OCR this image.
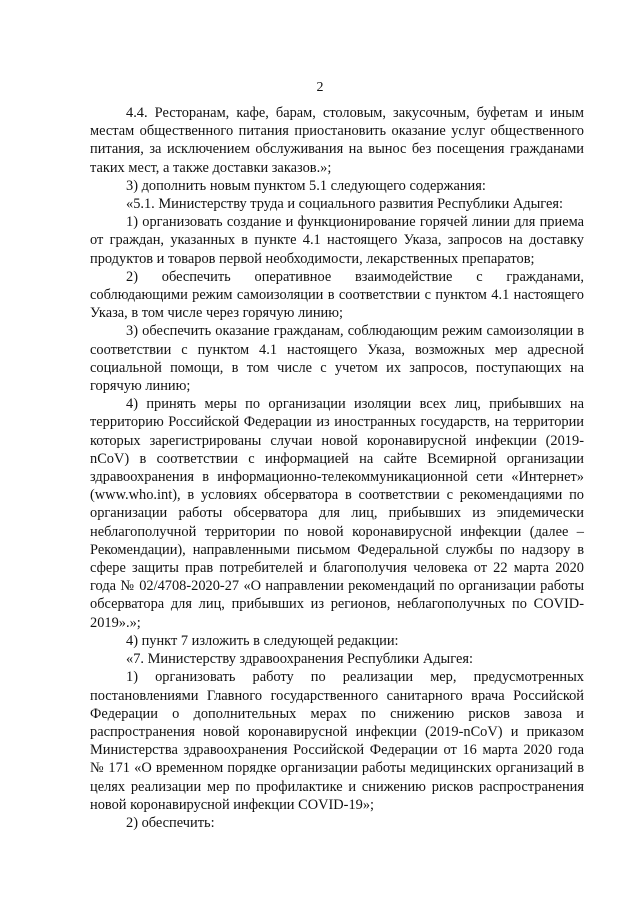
2

4.4. Ресторанам, кафе, барам, столовым, закусочным, буфетам и иным местам общественного питания приостановить оказание услуг общественного питания, за исключением обслуживания на вынос без посещения гражданами таких мест, а также доставки заказов.»;

3) дополнить новым пунктом 5.1 следующего содержания:

«5.1. Министерству труда и социального развития Республики Адыгея:

1) организовать создание и функционирование горячей линии для приема от граждан, указанных в пункте 4.1 настоящего Указа, запросов на доставку продуктов и товаров первой необходимости, лекарственных препаратов;

2) обеспечить оперативное взаимодействие с гражданами, соблюдающими режим самоизоляции в соответствии с пунктом 4.1 настоящего Указа, в том числе через горячую линию;

3) обеспечить оказание гражданам, соблюдающим режим самоизоляции в соответствии с пунктом 4.1 настоящего Указа, возможных мер адресной социальной помощи, в том числе с учетом их запросов, поступающих на горячую линию;

4) принять меры по организации изоляции всех лиц, прибывших на территорию Российской Федерации из иностранных государств, на территории которых зарегистрированы случаи новой коронавирусной инфекции (2019-nCoV) в соответствии с информацией на сайте Всемирной организации здравоохранения в информационно-телекоммуникационной сети «Интернет» (www.who.int), в условиях обсерватора в соответствии с рекомендациями по организации работы обсерватора для лиц, прибывших из эпидемически неблагополучной территории по новой коронавирусной инфекции (далее – Рекомендации), направленными письмом Федеральной службы по надзору в сфере защиты прав потребителей и благополучия человека от 22 марта 2020 года № 02/4708-2020-27 «О направлении рекомендаций по организации работы обсерватора для лиц, прибывших из регионов, неблагополучных по COVID-2019».»;

4) пункт 7 изложить в следующей редакции:

«7. Министерству здравоохранения Республики Адыгея:

1) организовать работу по реализации мер, предусмотренных постановлениями Главного государственного санитарного врача Российской Федерации о дополнительных мерах по снижению рисков завоза и распространения новой коронавирусной инфекции (2019-nCoV) и приказом Министерства здравоохранения Российской Федерации от 16 марта 2020 года № 171 «О временном порядке организации работы медицинских организаций в целях реализации мер по профилактике и снижению рисков распространения новой коронавирусной инфекции COVID-19»;

2) обеспечить:
